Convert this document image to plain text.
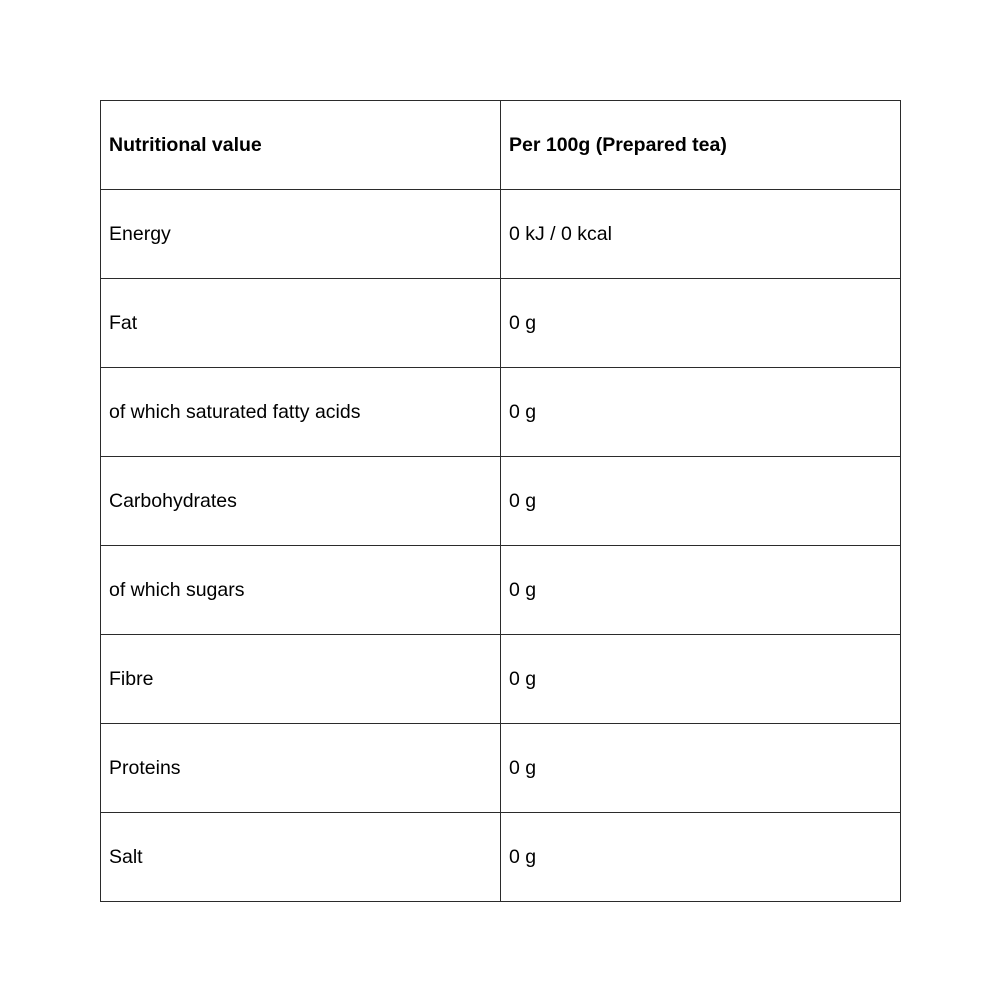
Nutritional value	Per 100g (Prepared tea)
Energy	0 kJ / 0 kcal
Fat	0 g
of which saturated fatty acids	0 g
Carbohydrates	0 g
of which sugars	0 g
Fibre	0 g
Proteins	0 g
Salt	0 g
